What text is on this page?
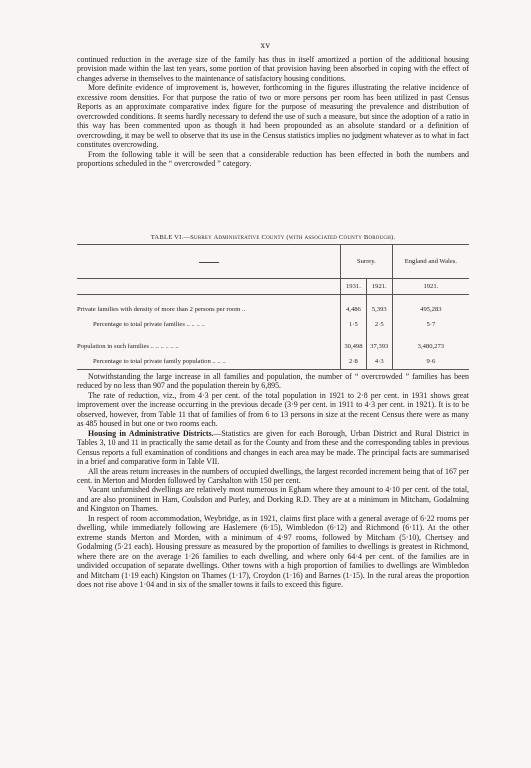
xv

continued reduction in the average size of the family has thus in itself amortized a portion of the additional housing provision made within the last ten years, some portion of that provision having been absorbed in coping with the effect of changes adverse in themselves to the maintenance of satisfactory housing conditions.

More definite evidence of improvement is, however, forthcoming in the figures illustrating the relative incidence of excessive room densities. For that purpose the ratio of two or more persons per room has been utilized in past Census Reports as an approximate comparative index figure for the purpose of measuring the prevalence and distribution of overcrowded conditions. It seems hardly necessary to defend the use of such a measure, but since the adoption of a ratio in this way has been commented upon as though it had been propounded as an absolute standard or a definition of overcrowding, it may be well to observe that its use in the Census statistics implies no judgment whatever as to what in fact constitutes overcrowding.

From the following table it will be seen that a considerable reduction has been effected in both the numbers and proportions scheduled in the “ overcrowded ” category.

TABLE VI.—Surrey Administrative County (with associated County Borough).
	Surrey.		England and Wales.
	1931.	1921.	1921.

Private families with density of more than 2 persons per room ..	4,486	5,393	495,283
Percentage to total private families .. .. .. ..	1·5	2·5	5·7

Population in such families .. .. .. .. .. ..	30,498	37,393	3,480,273
Percentage to total private family population .. .. ..	2·8	4·3	9·6

Notwithstanding the large increase in all families and population, the number of “ overcrowded ” families has been reduced by no less than 907 and the population therein by 6,895.

The rate of reduction, viz., from 4·3 per cent. of the total population in 1921 to 2·8 per cent. in 1931 shows great improvement over the increase occurring in the previous decade (3·9 per cent. in 1911 to 4·3 per cent. in 1921). It is to be observed, however, from Table 11 that of families of from 6 to 13 persons in size at the recent Census there were as many as 485 housed in but one or two rooms each.

Housing in Administrative Districts.—Statistics are given for each Borough, Urban District and Rural District in Tables 3, 10 and 11 in practically the same detail as for the County and from these and the corresponding tables in previous Census reports a full examination of conditions and changes in each area may be made. The principal facts are summarised in a brief and comparative form in Table VII.

All the areas return increases in the numbers of occupied dwellings, the largest recorded increment being that of 167 per cent. in Merton and Morden followed by Carshalton with 150 per cent.

Vacant unfurnished dwellings are relatively most numerous in Egham where they amount to 4·10 per cent. of the total, and are also prominent in Ham, Coulsdon and Purley, and Dorking R.D. They are at a minimum in Mitcham, Godalming and Kingston on Thames.

In respect of room accommodation, Weybridge, as in 1921, claims first place with a general average of 6·22 rooms per dwelling, while immediately following are Haslemere (6·15), Wimbledon (6·12) and Richmond (6·11). At the other extreme stands Merton and Morden, with a minimum of 4·97 rooms, followed by Mitcham (5·10), Chertsey and Godalming (5·21 each). Housing pressure as measured by the proportion of families to dwellings is greatest in Richmond, where there are on the average 1·26 families to each dwelling, and where only 64·4 per cent. of the families are in undivided occupation of separate dwellings. Other towns with a high proportion of families to dwellings are Wimbledon and Mitcham (1·19 each) Kingston on Thames (1·17), Croydon (1·16) and Barnes (1·15). In the rural areas the proportion does not rise above 1·04 and in six of the smaller towns it fails to exceed this figure.
